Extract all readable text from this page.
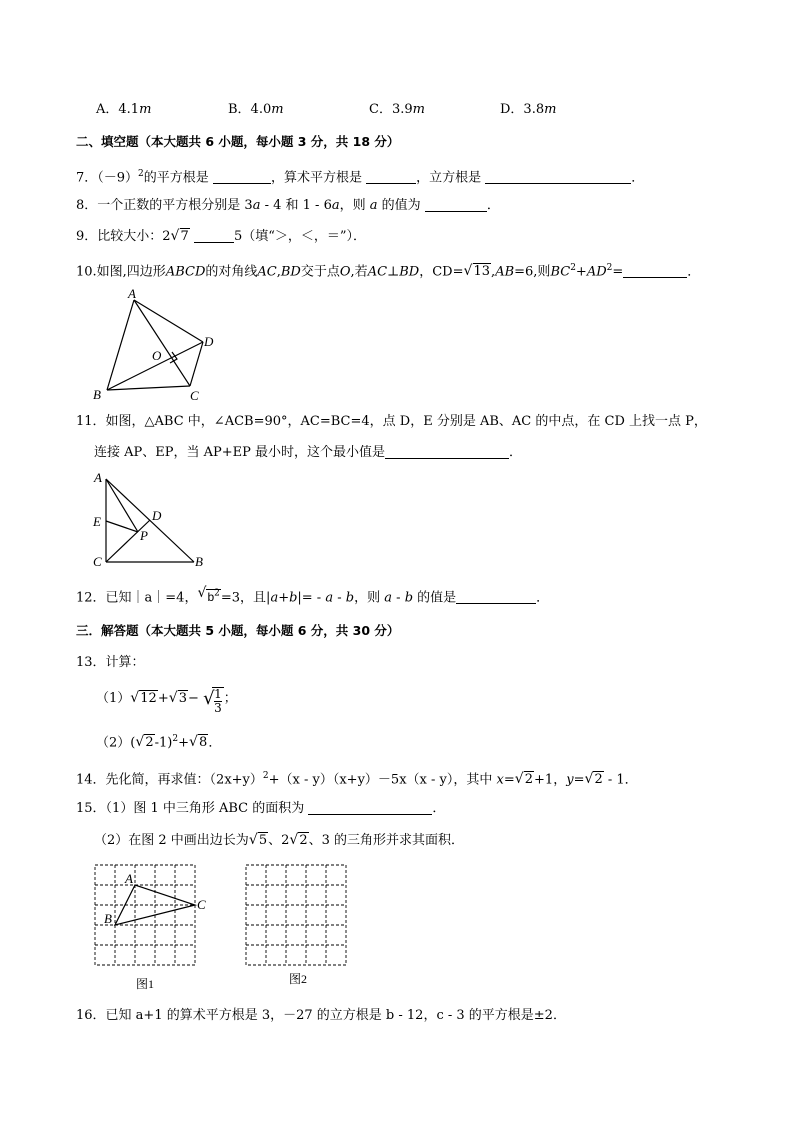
A．4.1m	B．4.0m	C．3.9m	D．3.8m
二、填空题（本大题共 6 小题，每小题 3 分，共 18 分）
7．$(-9)^2$的平方根是	，算术平方根是	，立方根是	．
8．一个正数的平方根分别是 3a - 4 和 1 - 6a，则 a 的值为	．
9．比较大小：2 √ 7	5（填“＞，＜，＝”）．
10.如图,四边形ABCD的对角线AC,BD交于点O,若AC⊥BD，CD= √ 13,AB=6,则$BC^2+AD^2=$	．
A
B	C
D
O
11．如图，△ABC 中，∠ACB=90°，AC=BC=4，点 D，E 分别是 AB、AC 的中点，在 CD 上找一点 P，
连接 AP、EP，当 AP+EP 最小时，这个最小值是	．
A
E
C	B
D
P
12．已知｜a｜=4， √ $b^2=3$，且|a+b|= - a - b，则 a - b 的值是	．
三．解答题（本大题共 5 小题，每小题 6 分，共 30 分）
13．计算：
（1） √ 12+ √ 3− √
$\frac{1}{3}$ ；
（2）( √ 2-1)$^2$+ √ 8．
14．先化简，再求值：$(2x+y)^2+(x - y)(x+y)-5x(x - y)$，其中 x= √ 2+1，y= √ 2 - 1．
15．（1）图 1 中三角形 ABC 的面积为	．
（2）在图 2 中画出边长为 √ 5、2 √ 2、3 的三角形并求其面积．
A
B
C
图1	图2
16．已知 a+1 的算术平方根是 3，－27 的立方根是 b - 12，c - 3 的平方根是±2．
